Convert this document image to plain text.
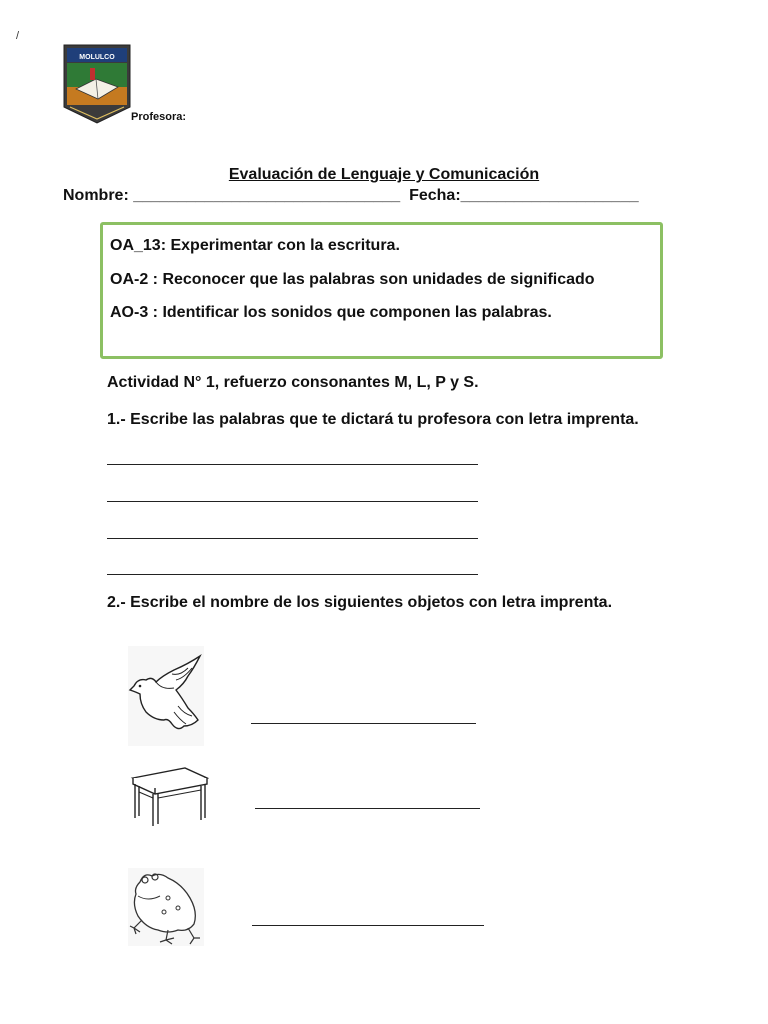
/
MOLULCO
Profesora:
Evaluación de Lenguaje y Comunicación
Nombre: ______________________________ Fecha:____________________
OA_13: Experimentar con la escritura.
OA-2 : Reconocer que las palabras son unidades de significado
AO-3 : Identificar los sonidos que componen las palabras.
Actividad N° 1, refuerzo consonantes M, L, P y S.
1.- Escribe las palabras que te dictará tu profesora con letra imprenta.
2.- Escribe el nombre de los siguientes objetos con letra imprenta.
